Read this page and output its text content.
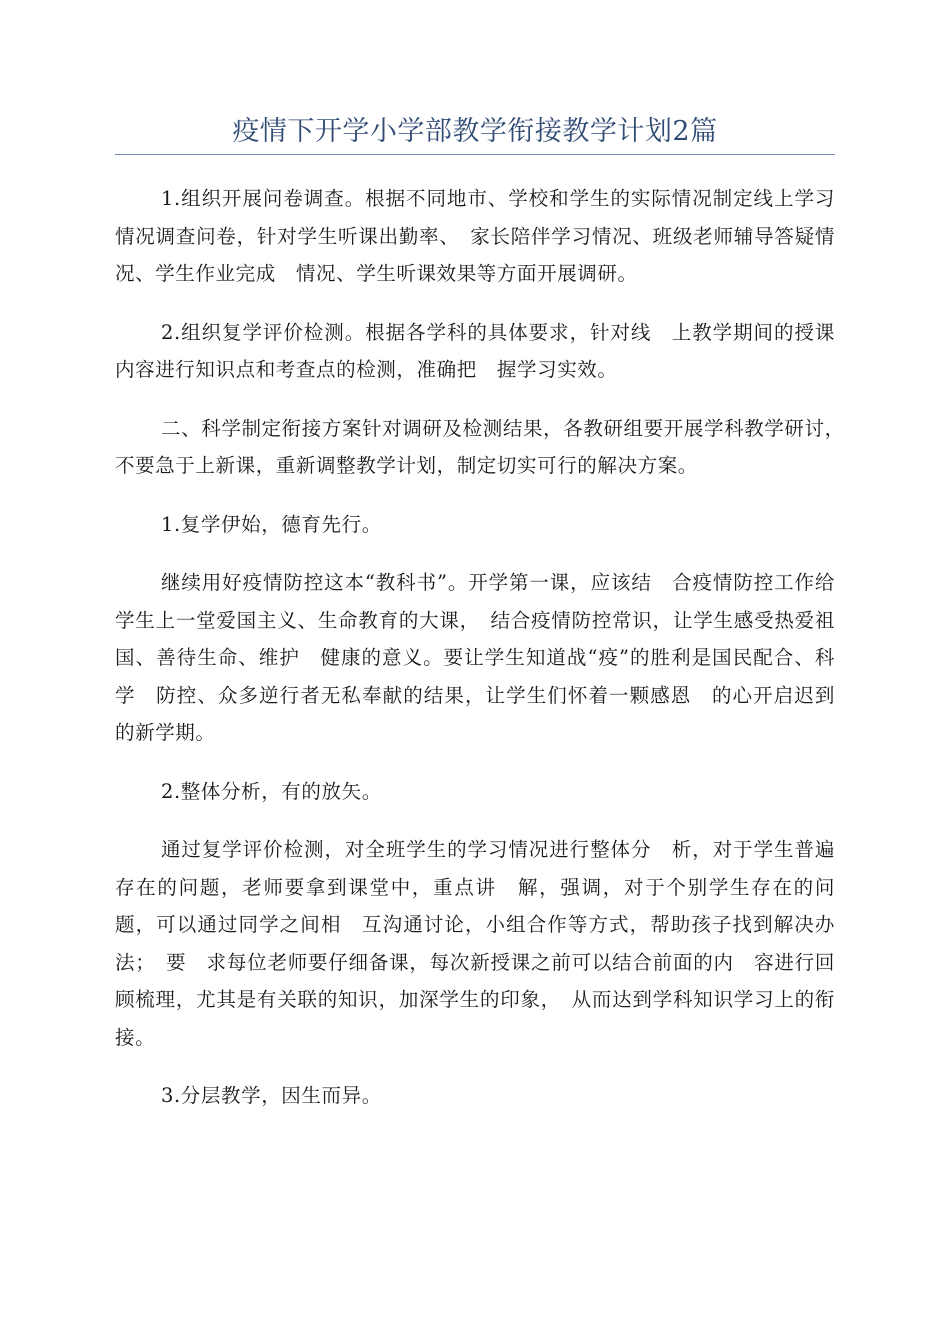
疫情下开学小学部教学衔接教学计划2篇

1.组织开展问卷调查。根据不同地市、学校和学生的实际情况制定线上学习情况调查问卷，针对学生听课出勤率、　家长陪伴学习情况、班级老师辅导答疑情况、学生作业完成　情况、学生听课效果等方面开展调研。

2.组织复学评价检测。根据各学科的具体要求，针对线　上教学期间的授课内容进行知识点和考查点的检测，准确把　握学习实效。

二、科学制定衔接方案针对调研及检测结果，各教研组要开展学科教学研讨，　不要急于上新课，重新调整教学计划，制定切实可行的解决方案。

1.复学伊始，德育先行。

继续用好疫情防控这本“教科书”。开学第一课，应该结　合疫情防控工作给学生上一堂爱国主义、生命教育的大课，　结合疫情防控常识，让学生感受热爱祖国、善待生命、维护　健康的意义。要让学生知道战“疫”的胜利是国民配合、科学　防控、众多逆行者无私奉献的结果，让学生们怀着一颗感恩　的心开启迟到的新学期。

2.整体分析，有的放矢。

通过复学评价检测，对全班学生的学习情况进行整体分　析，对于学生普遍存在的问题，老师要拿到课堂中，重点讲　解，强调，对于个别学生存在的问题，可以通过同学之间相　互沟通讨论，小组合作等方式，帮助孩子找到解决办法；　要　求每位老师要仔细备课，每次新授课之前可以结合前面的内　容进行回顾梳理，尤其是有关联的知识，加深学生的印象，　从而达到学科知识学习上的衔接。

3.分层教学，因生而异。
